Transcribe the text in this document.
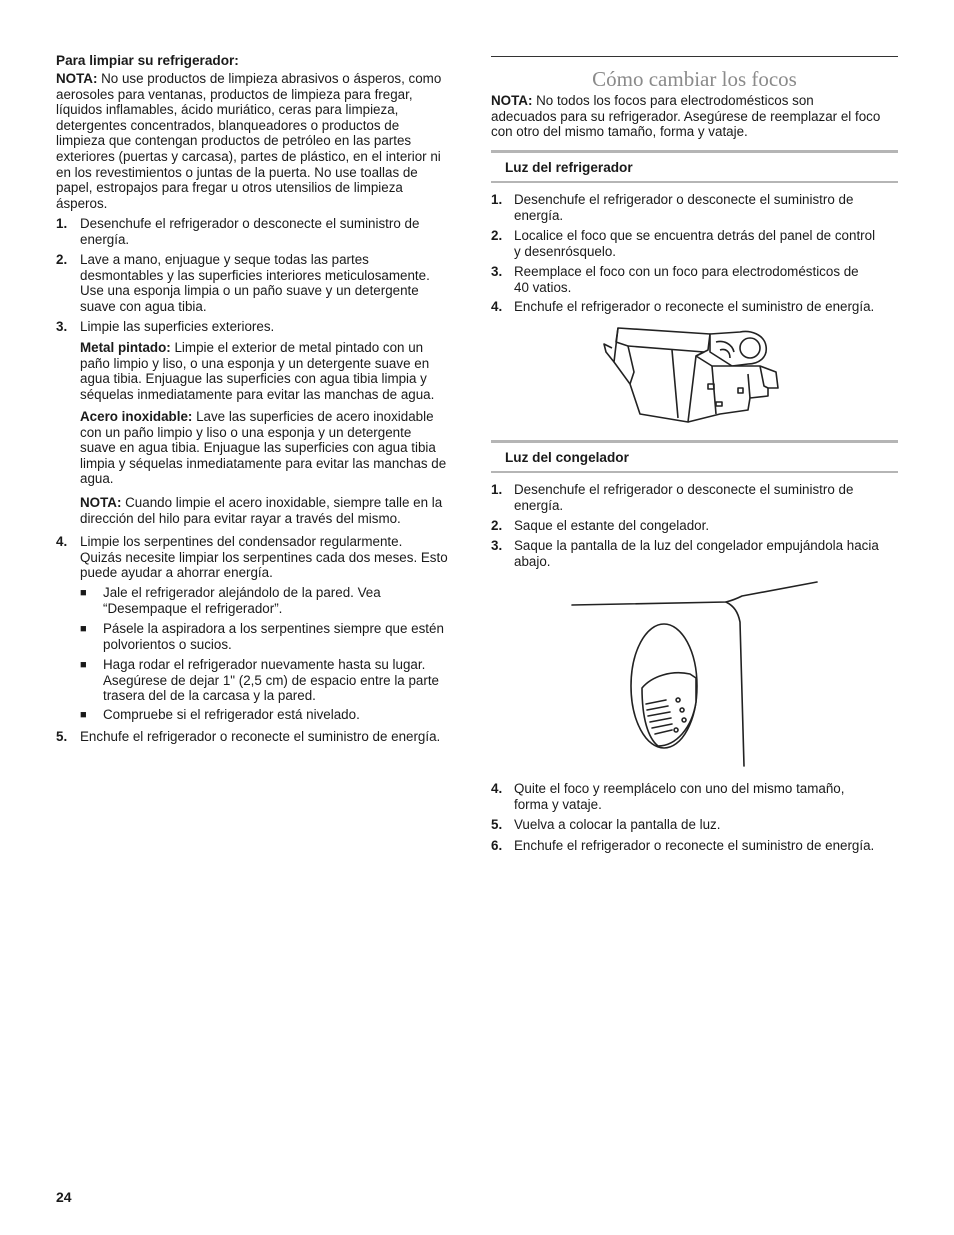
Para limpiar su refrigerador:
NOTA: No use productos de limpieza abrasivos o ásperos, como
aerosoles para ventanas, productos de limpieza para fregar,
líquidos inflamables, ácido muriático, ceras para limpieza,
detergentes concentrados, blanqueadores o productos de
limpieza que contengan productos de petróleo en las partes
exteriores (puertas y carcasa), partes de plástico, en el interior ni
en los revestimientos o juntas de la puerta. No use toallas de
papel, estropajos para fregar u otros utensilios de limpieza
ásperos.
1. Desenchufe el refrigerador o desconecte el suministro de
energía.
2. Lave a mano, enjuague y seque todas las partes
desmontables y las superficies interiores meticulosamente.
Use una esponja limpia o un paño suave y un detergente
suave con agua tibia.
3. Limpie las superficies exteriores.
Metal pintado: Limpie el exterior de metal pintado con un
paño limpio y liso, o una esponja y un detergente suave en
agua tibia. Enjuague las superficies con agua tibia limpia y
séquelas inmediatamente para evitar las manchas de agua.
Acero inoxidable: Lave las superficies de acero inoxidable
con un paño limpio y liso o una esponja y un detergente
suave en agua tibia. Enjuague las superficies con agua tibia
limpia y séquelas inmediatamente para evitar las manchas de
agua.
NOTA: Cuando limpie el acero inoxidable, siempre talle en la
dirección del hilo para evitar rayar a través del mismo.
4. Limpie los serpentines del condensador regularmente.
Quizás necesite limpiar los serpentines cada dos meses. Esto
puede ayudar a ahorrar energía.
■ Jale el refrigerador alejándolo de la pared. Vea
“Desempaque el refrigerador”.
■ Pásele la aspiradora a los serpentines siempre que estén
polvorientos o sucios.
■ Haga rodar el refrigerador nuevamente hasta su lugar.
Asegúrese de dejar 1" (2,5 cm) de espacio entre la parte
trasera del de la carcasa y la pared.
■ Compruebe si el refrigerador está nivelado.
5. Enchufe el refrigerador o reconecte el suministro de energía.
Cómo cambiar los focos
NOTA: No todos los focos para electrodomésticos son
adecuados para su refrigerador. Asegúrese de reemplazar el foco
con otro del mismo tamaño, forma y vataje.
Luz del refrigerador
1. Desenchufe el refrigerador o desconecte el suministro de
energía.
2. Localice el foco que se encuentra detrás del panel de control
y desenrósquelo.
3. Reemplace el foco con un foco para electrodomésticos de
40 vatios.
4. Enchufe el refrigerador o reconecte el suministro de energía.
Luz del congelador
1. Desenchufe el refrigerador o desconecte el suministro de
energía.
2. Saque el estante del congelador.
3. Saque la pantalla de la luz del congelador empujándola hacia
abajo.
4. Quite el foco y reemplácelo con uno del mismo tamaño,
forma y vataje.
5. Vuelva a colocar la pantalla de luz.
6. Enchufe el refrigerador o reconecte el suministro de energía.
24
